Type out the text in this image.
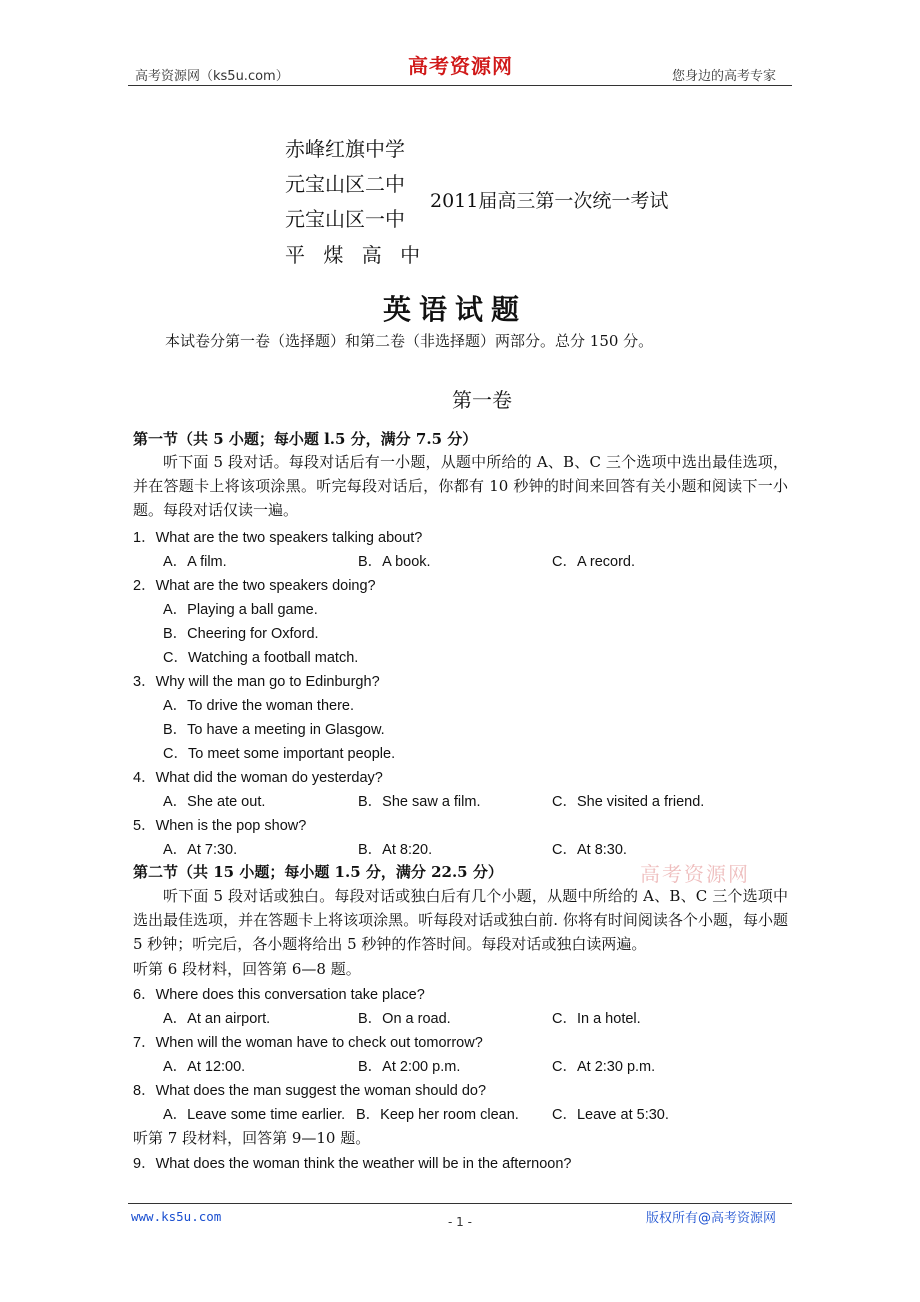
高考资源网（ks5u.com）	高考资源网	您身边的高考专家
赤峰红旗中学
元宝山区二中
元宝山区一中
平 煤 高 中
2011届高三第一次统一考试
英语试题
本试卷分第一卷（选择题）和第二卷（非选择题）两部分。总分 150 分。
第一卷
第一节（共 5 小题；每小题 l.5 分，满分 7.5 分）
听下面 5 段对话。每段对话后有一小题，从题中所给的 A、B、C 三个选项中选出最佳选项，并在答题卡上将该项涂黑。听完每段对话后，你都有 10 秒钟的时间来回答有关小题和阅读下一小题。每段对话仅读一遍。
1．What are the two speakers talking about?
A．A film.	B．A book.	C．A record.
2．What are the two speakers doing?
A．Playing a ball game.
B．Cheering for Oxford.
C．Watching a football match.
3．Why will the man go to Edinburgh?
A．To drive the woman there.
B．To have a meeting in Glasgow.
C．To meet some important people.
4．What did the woman do yesterday?
A．She ate out.	B．She saw a film.	C．She visited a friend.
5．When is the pop show?
A．At 7:30.	B．At 8:20.	C．At 8:30.
高考资源网
第二节（共 15 小题；每小题 1.5 分，满分 22.5 分）
听下面 5 段对话或独白。每段对话或独白后有几个小题，从题中所给的 A、B、C 三个选项中选出最佳选项，并在答题卡上将该项涂黑。听每段对话或独白前. 你将有时间阅读各个小题，每小题 5 秒钟；听完后，各小题将给出 5 秒钟的作答时间。每段对话或独白读两遍。
听第 6 段材料，回答第 6—8 题。
6．Where does this conversation take place?
A．At an airport.	B．On a road.	C．In a hotel.
7．When will the woman have to check out tomorrow?
A．At 12:00.	B．At 2:00 p.m.	C．At 2:30 p.m.
8．What does the man suggest the woman should do?
A．Leave some time earlier. B．Keep her room clean. C．Leave at 5:30.
听第 7 段材料，回答第 9—10 题。
9．What does the woman think the weather will be in the afternoon?
www.ks5u.com	- 1 -	版权所有@高考资源网
